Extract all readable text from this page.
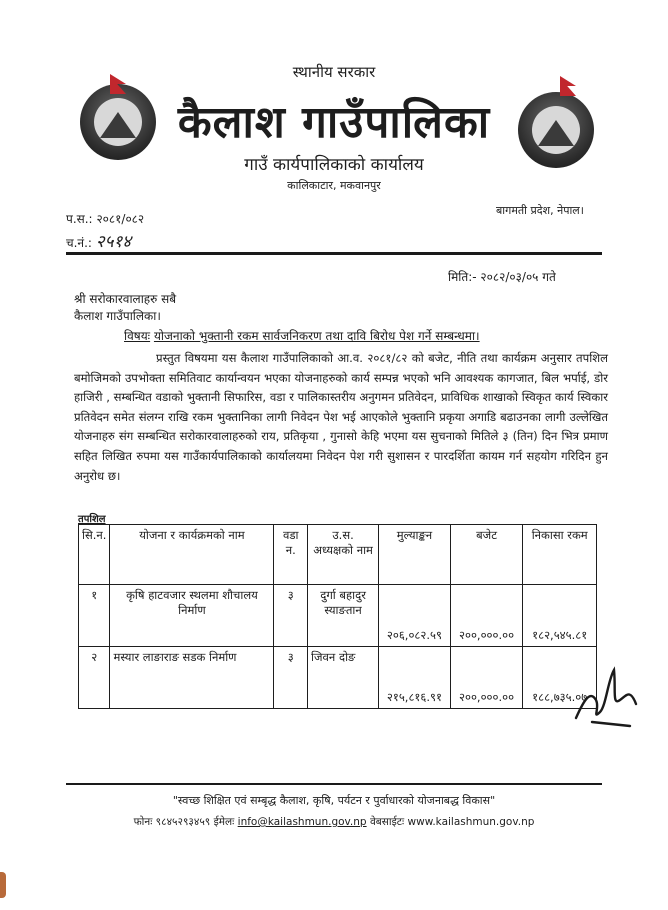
स्थानीय सरकार
कैलाश गाउँपालिका
गाउँ कार्यपालिकाको कार्यालय
कालिकाटार, मकवानपुर
बागमती प्रदेश, नेपाल।
प.स.: २०८१/०८२
च.नं.: २५१४
मिति:- २०८२/०३/०५ गते
श्री सरोकारवालाहरु सबै
कैलाश गाउँपालिका।
विषयः योजनाको भुक्तानी रकम सार्वजनिकरण तथा दावि बिरोध पेश गर्ने सम्बन्धमा।

प्रस्तुत विषयमा यस कैलाश गाउँपालिकाको आ.व. २०८१/८२ को बजेट, नीति तथा कार्यक्रम अनुसार तपशिल बमोजिमको उपभोक्ता समितिवाट कार्यान्वयन भएका योजनाहरुको कार्य सम्पन्न भएको भनि आवश्यक कागजात, बिल भर्पाई, डोर हाजिरी , सम्बन्धित वडाको भुक्तानी सिफारिस, वडा र पालिकास्तरीय अनुगमन प्रतिवेदन, प्राविधिक शाखाको स्विकृत कार्य स्विकार प्रतिवेदन समेत संलग्न राखि रकम भुक्तानिका लागी निवेदन पेश भई आएकोले भुक्तानि प्रकृया अगाडि बढाउनका लागी उल्लेखित योजनाहरु संग सम्बन्धित सरोकारवालाहरुको राय, प्रतिकृया , गुनासो केहि भएमा यस सुचनाको मितिले ३ (तिन) दिन भित्र प्रमाण सहित लिखित रुपमा यस गाउँकार्यपालिकाको कार्यालयमा निवेदन पेश गरी सुशासन र पारदर्शिता कायम गर्न सहयोग गरिदिन हुन अनुरोध छ।

तपशिल
सि.न.	योजना र कार्यक्रमको नाम	वडा न.	उ.स. अध्यक्षको नाम	मुल्याङ्कन	बजेट	निकासा रकम
१	कृषि हाटवजार स्थलमा शौचालय निर्माण	३	दुर्गा बहादुर स्याङतान	२०६,०८२.५९	२००,०००.००	१८२,५४५.८१
२	मस्यार लाङाराङ सडक निर्माण	३	जिवन दोङ	२१५,८१६.९१	२००,०००.००	१८८,७३५.०७
"स्वच्छ शिक्षित एवं सम्बृद्ध कैलाश, कृषि, पर्यटन र पुर्वाधारको योजनाबद्ध विकास"
फोनः ९८४५२९३४५९ ईमेलः info@kailashmun.gov.np वेबसाईटः www.kailashmun.gov.np
